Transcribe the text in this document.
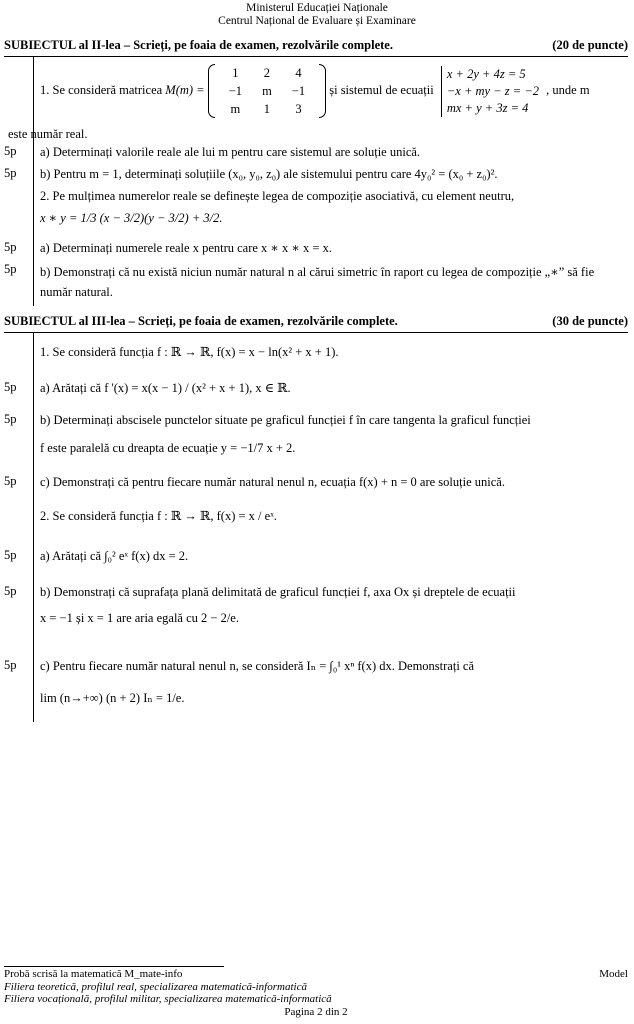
Ministerul Educației Naționale
Centrul Național de Evaluare și Examinare
SUBIECTUL al II-lea – Scrieți, pe foaia de examen, rezolvările complete.	(20 de puncte)
1. Se consideră matricea M(m) = 1	2	4
−1	m	−1
m	1	3 și sistemul de ecuații
x + 2y + 4z = 5
−x + my − z = −2
mx + y + 3z = 4
, unde m
este număr real.
5p	a) Determinați valorile reale ale lui m pentru care sistemul are soluție unică.
5p	b) Pentru m = 1, determinați soluțiile (x₀, y₀, z₀) ale sistemului pentru care 4y₀² = (x₀ + z₀)².
2. Pe mulțimea numerelor reale se definește legea de compoziție asociativă, cu element neutru,
x ∗ y = 1/3 (x − 3/2)(y − 3/2) + 3/2.
5p	a) Determinați numerele reale x pentru care x ∗ x ∗ x = x.
5p	b) Demonstrați că nu există niciun număr natural n al cărui simetric în raport cu legea de compoziție „∗” să fie număr natural.
SUBIECTUL al III-lea – Scrieți, pe foaia de examen, rezolvările complete.	(30 de puncte)
1. Se consideră funcția f : ℝ → ℝ, f(x) = x − ln(x² + x + 1).
5p	a) Arătați că f '(x) = x(x − 1) / (x² + x + 1), x ∈ ℝ.
5p	b) Determinați abscisele punctelor situate pe graficul funcției f în care tangenta la graficul funcției
f este paralelă cu dreapta de ecuație y = −1/7 x + 2.
5p	c) Demonstrați că pentru fiecare număr natural nenul n, ecuația f(x) + n = 0 are soluție unică.
2. Se consideră funcția f : ℝ → ℝ, f(x) = x / eˣ.
5p	a) Arătați că ∫₀² eˣ f(x) dx = 2.
5p	b) Demonstrați că suprafața plană delimitată de graficul funcției f, axa Ox și dreptele de ecuații
x = −1 și x = 1 are aria egală cu 2 − 2/e.
5p	c) Pentru fiecare număr natural nenul n, se consideră Iₙ = ∫₀¹ xⁿ f(x) dx. Demonstrați că
lim (n→+∞) (n + 2) Iₙ = 1/e.
Probă scrisă la matematică M_mate-info	Model
Filiera teoretică, profilul real, specializarea matematică-informatică
Filiera vocațională, profilul militar, specializarea matematică-informatică
Pagina 2 din 2
